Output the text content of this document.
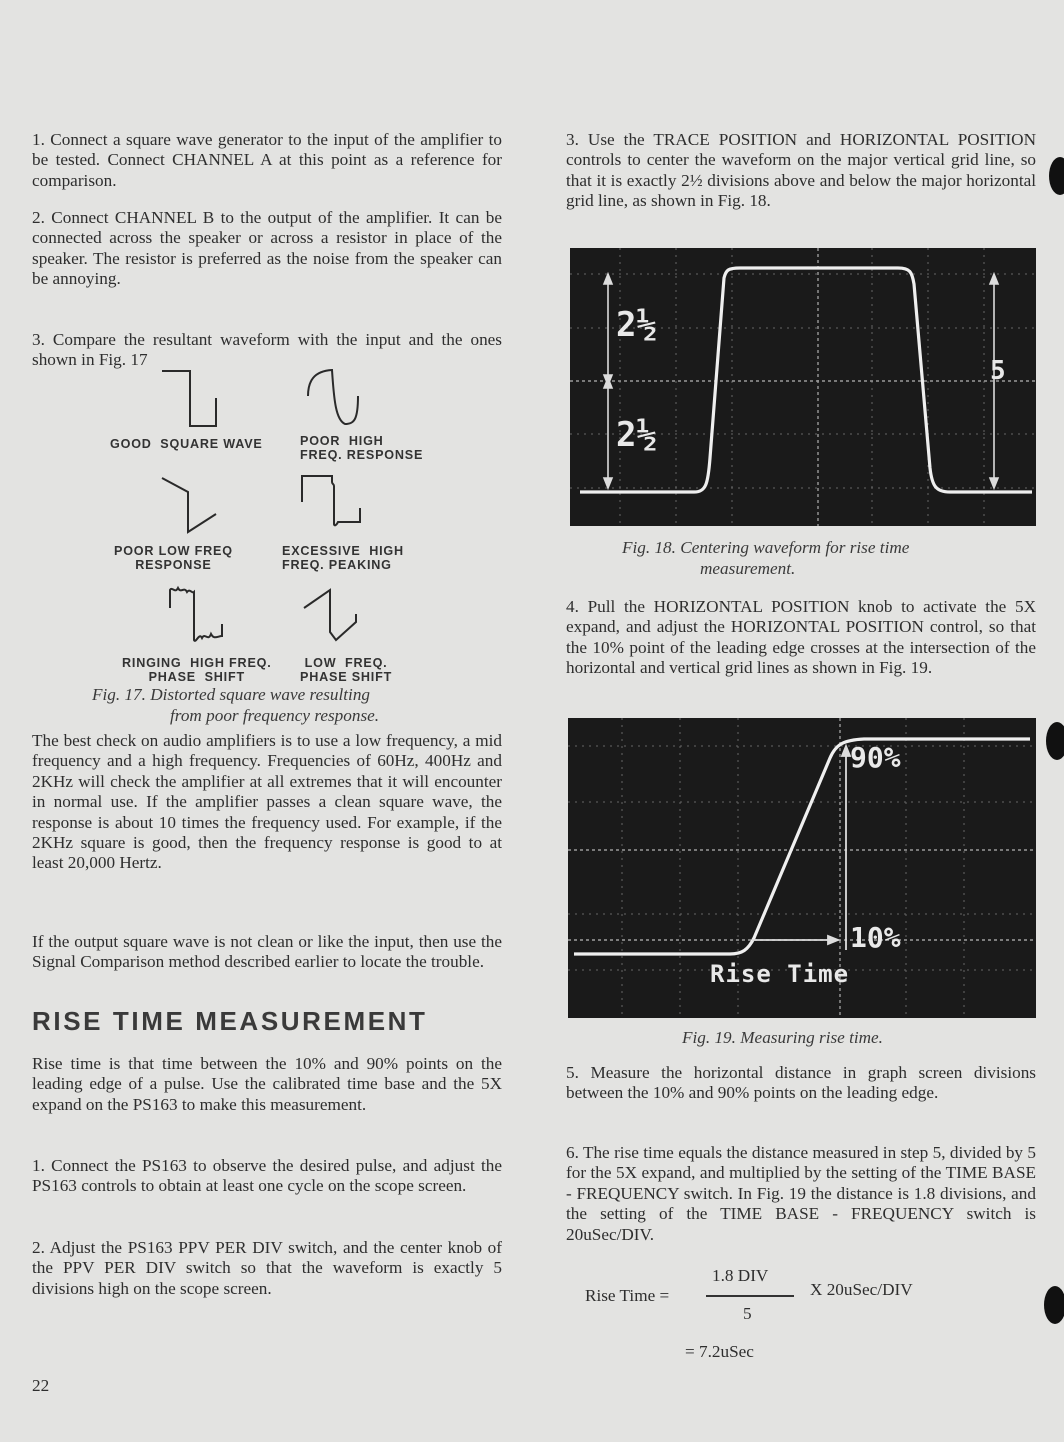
1. Connect a square wave generator to the input of the amplifier to be tested. Connect CHANNEL A at this point as a reference for comparison.

2. Connect CHANNEL B to the output of the amplifier. It can be connected across the speaker or across a resistor in place of the speaker. The resistor is preferred as the noise from the speaker can be annoying.

3. Compare the resultant waveform with the input and the ones shown in Fig. 17

GOOD  SQUARE WAVE	POOR  HIGH
FREQ. RESPONSE

POOR LOW FREQ
RESPONSE

EXCESSIVE  HIGH
FREQ. PEAKING

RINGING  HIGH FREQ.
PHASE  SHIFT

LOW  FREQ.
PHASE SHIFT

Fig. 17. Distorted square wave resulting

from poor frequency response.

The best check on audio amplifiers is to use a low frequency, a mid frequency and a high frequency. Frequencies of 60Hz, 400Hz and 2KHz will check the amplifier at all extremes that it will encounter in normal use. If the amplifier passes a clean square wave, the response is about 10 times the frequency used. For example, if the 2KHz square is good, then the frequency response is good to at least 20,000 Hertz.

If the output square wave is not clean or like the input, then use the Signal Comparison method described earlier to locate the trouble.

RISE TIME MEASUREMENT

Rise time is that time between the 10% and 90% points on the leading edge of a pulse. Use the calibrated time base and the 5X expand on the PS163 to make this measurement.

1. Connect the PS163 to observe the desired pulse, and adjust the PS163 controls to obtain at least one cycle on the scope screen.

2. Adjust the PS163 PPV PER DIV switch, and the center knob of the PPV PER DIV switch so that the waveform is exactly 5 divisions high on the scope screen.

3. Use the TRACE POSITION and HORIZONTAL POSITION controls to center the waveform on the major vertical grid line, so that it is exactly 2½ divisions above and below the major horizontal grid line, as shown in Fig. 18.

2½
2½
5

Fig. 18. Centering waveform for rise time

measurement.

4. Pull the HORIZONTAL POSITION knob to activate the 5X expand, and adjust the HORIZONTAL POSITION control, so that the 10% point of the leading edge crosses at the intersection of the horizontal and vertical grid lines as shown in Fig. 19.

90%
10%
Rise Time

Fig. 19. Measuring rise time.

5. Measure the horizontal distance in graph screen divisions between the 10% and 90% points on the leading edge.

6. The rise time equals the distance measured in step 5, divided by 5 for the 5X expand, and multiplied by the setting of the TIME BASE - FREQUENCY switch. In Fig. 19 the distance is 1.8 divisions, and the setting of the TIME BASE - FREQUENCY switch is 20uSec/DIV.

Rise Time =
1.8 DIV
5
X 20uSec/DIV
= 7.2uSec
22
